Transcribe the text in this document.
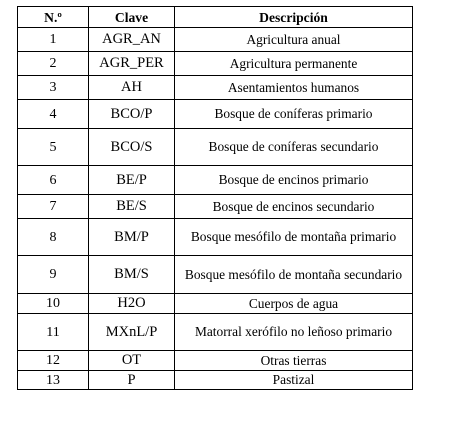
N.º	Clave	Descripción
1	AGR_AN	Agricultura anual
2	AGR_PER	Agricultura permanente
3	AH	Asentamientos humanos
4	BCO/P	Bosque de coníferas primario
5	BCO/S	Bosque de coníferas secundario
6	BE/P	Bosque de encinos primario
7	BE/S	Bosque de encinos secundario
8	BM/P	Bosque mesófilo de montaña primario
9	BM/S	Bosque mesófilo de montaña secundario
10	H2O	Cuerpos de agua
11	MXnL/P	Matorral xerófilo no leñoso primario
12	OT	Otras tierras
13	P	Pastizal
